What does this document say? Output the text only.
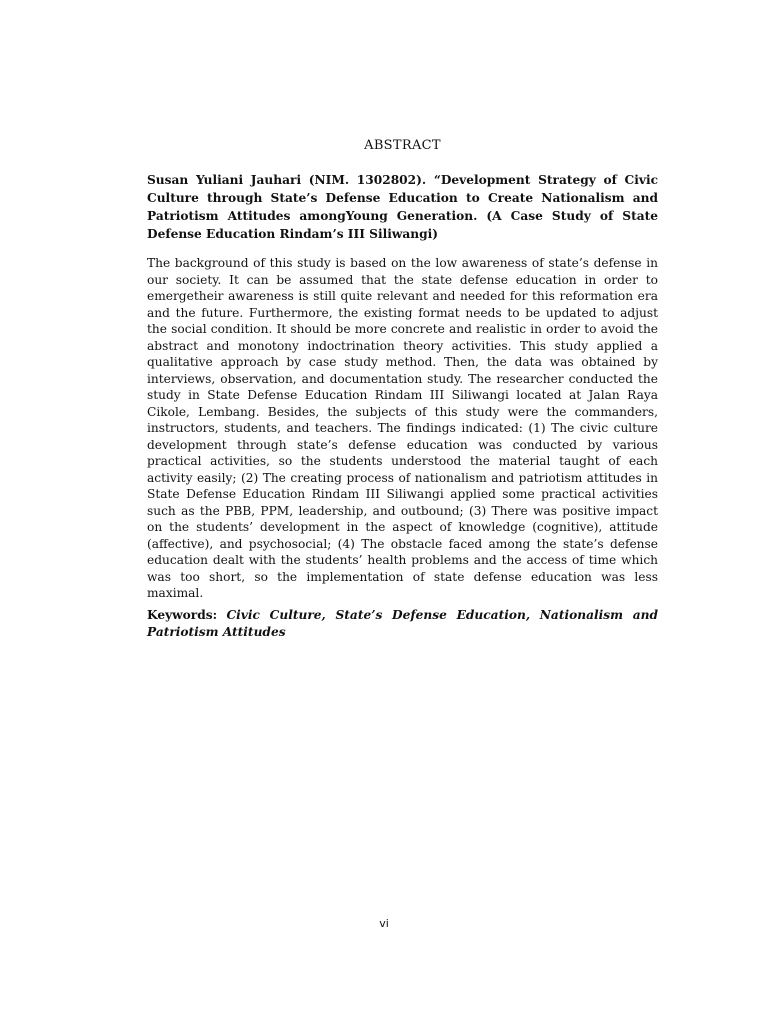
ABSTRACT
Susan Yuliani Jauhari (NIM. 1302802). “Development Strategy of Civic Culture through State’s Defense Education to Create Nationalism and Patriotism Attitudes amongYoung Generation. (A Case Study of State Defense Education Rindam’s III Siliwangi)
The background of this study is based on the low awareness of state’s defense in our society. It can be assumed that the state defense education in order to emergetheir awareness is still quite relevant and needed for this reformation era and the future. Furthermore, the existing format needs to be updated to adjust the social condition. It should be more concrete and realistic in order to avoid the abstract and monotony indoctrination theory activities. This study applied a qualitative approach by case study method. Then, the data was obtained by interviews, observation, and documentation study. The researcher conducted the study in State Defense Education Rindam III Siliwangi located at Jalan Raya Cikole, Lembang. Besides, the subjects of this study were the commanders, instructors, students, and teachers. The findings indicated: (1) The civic culture development through state’s defense education was conducted by various practical activities, so the students understood the material taught of each activity easily; (2) The creating process of nationalism and patriotism attitudes in State Defense Education Rindam III Siliwangi applied some practical activities such as the PBB, PPM, leadership, and outbound; (3) There was positive impact on the students’ development in the aspect of knowledge (cognitive), attitude (affective), and psychosocial; (4) The obstacle faced among the state’s defense education dealt with the students’ health problems and the access of time which was too short, so the implementation of state defense education was less maximal.
Keywords: Civic Culture, State’s Defense Education, Nationalism and Patriotism Attitudes
vi
